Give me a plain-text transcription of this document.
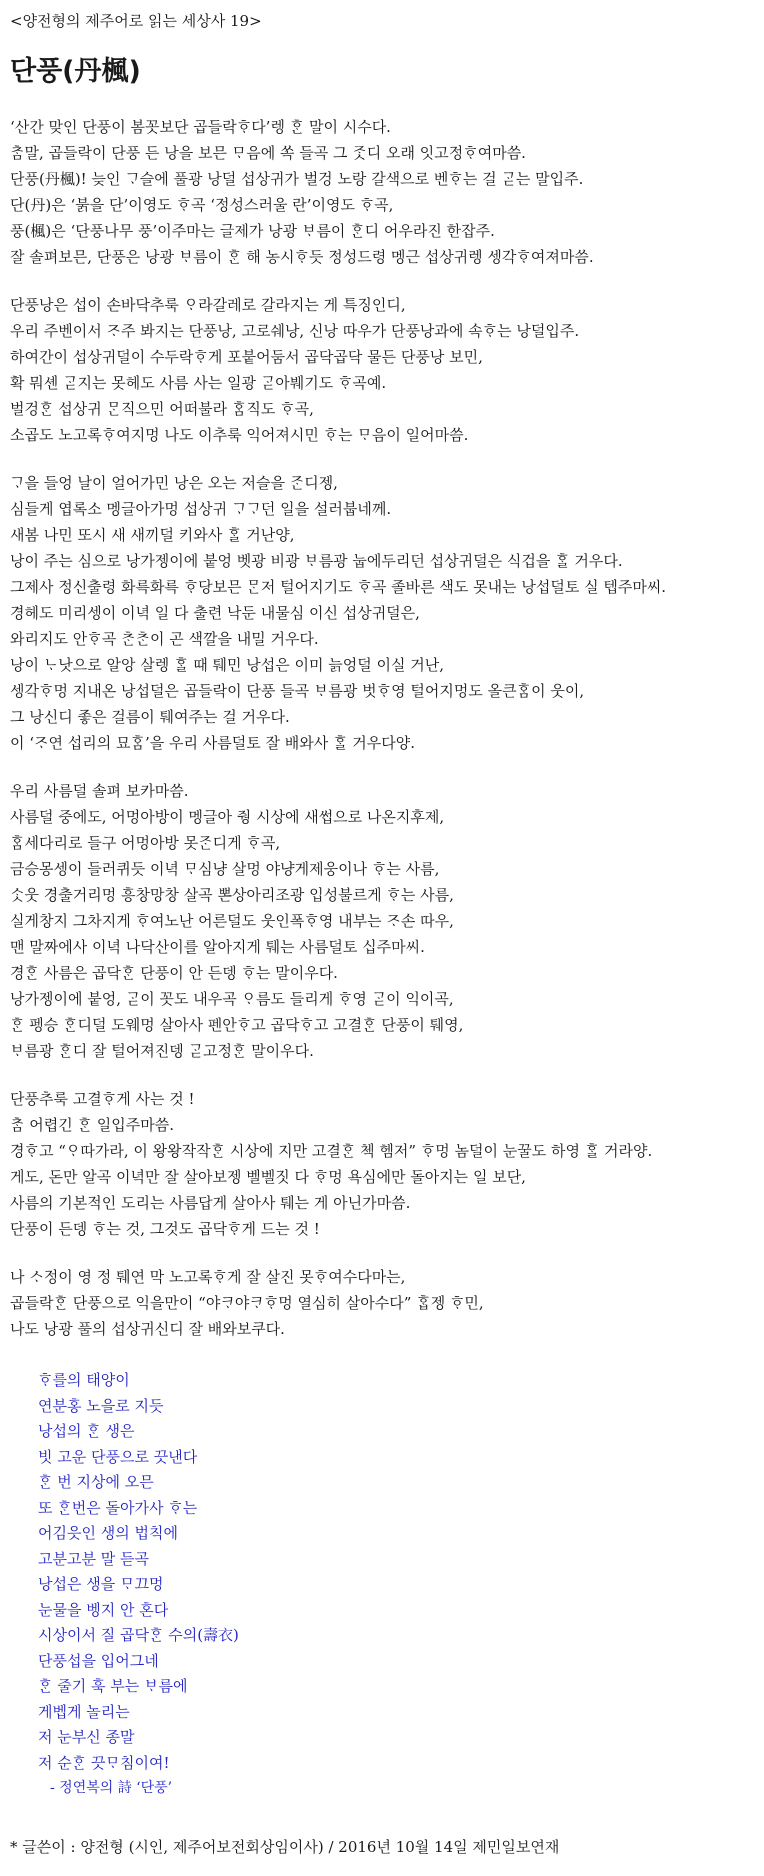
<양전형의 제주어로 읽는 세상사 19>

단풍(丹楓)
‘산간 맞인 단풍이 봄꼿보단 곱들락ᄒᆞ다’렝 ᄒᆞᆫ 말이 시수다.
ᄎᆞᆷ말, 곱들락이 단풍 든 낭을 보믄 ᄆᆞ음에 쏙 들곡 그 ᄌᆞᆺ디 오래 잇고정ᄒᆞ여마씀.
단풍(丹楓)! 늦인 ᄀᆞ슬에 풀광 낭덜 섭상귀가 벌겅 노랑 갈색으로 벤ᄒᆞ는 걸 ᄀᆞᆮ는 말입주.
단(丹)은 ‘붉을 단’이영도 ᄒᆞ곡 ‘정성스러울 란’이영도 ᄒᆞ곡,
풍(楓)은 ‘단풍나무 풍’이주마는 글제가 낭광 ᄇᆞ름이 ᄒᆞᆫ디 어우라진 한잡주.
잘 솔펴보믄, 단풍은 낭광 ᄇᆞ름이 ᄒᆞᆫ 해 농시ᄒᆞ듯 정성드령 멩근 섭상귀렝 셍각ᄒᆞ여져마씀.
단풍낭은 섭이 손바닥추룩 ᄋᆞ라갈레로 갈라지는 게 특징인디,
우리 주벤이서 ᄌᆞ주 봐지는 단풍낭, 고로쉐낭, 신낭 따우가 단풍낭과에 속ᄒᆞ는 낭덜입주.
하여간이 섭상귀덜이 수두락ᄒᆞ게 포붙어둠서 곱닥곱닥 물든 단풍낭 보민,
확 뭐셴 ᄀᆞᆮ지는 못헤도 사름 사는 일광 ᄀᆞᆮ아붸기도 ᄒᆞ곡예.
벌겅ᄒᆞᆫ 섭상귀 ᄆᆞᆫ직으민 어떠불라 ᄒᆞᆷ직도 ᄒᆞ곡,
소곱도 노고록ᄒᆞ여지멍 나도 이추룩 익어져시민 ᄒᆞ는 ᄆᆞ음이 일어마씀.
ᄀᆞ을 들엉 날이 얼어가민 낭은 오는 저슬을 ᄌᆞᆫ디젱,
심들게 엽록소 멩글아가멍 섭상귀 ᄀᆞᄀᆞ던 일을 설러붑네께.
새봄 나민 또시 새 새끼덜 키와사 ᄒᆞᆯ 거난양,
낭이 주는 심으로 낭가젱이에 붙엉 벳광 비광 ᄇᆞ름광 눕에두리던 섭상귀덜은 식겁을 ᄒᆞᆯ 거우다.
그제사 정신출령 화륵화륵 ᄒᆞ당보믄 ᄆᆞᆫ저 털어지기도 ᄒᆞ곡 졸바른 색도 못내는 낭섭덜토 실 텝주마씨.
경헤도 미리셍이 이녁 일 다 출련 낙둔 내물심 이신 섭상귀덜은,
와리지도 안ᄒᆞ곡 ᄎᆞᆫᄎᆞᆫ이 곤 색깔을 내밀 거우다.
낭이 ᄂᆞ낫으로 알앙 살렝 ᄒᆞᆯ 때 퉤민 낭섭은 이미 늙엉덜 이실 거난,
셍각ᄒᆞ멍 지내온 낭섭덜은 곱들락이 단풍 들곡 ᄇᆞ름광 벗ᄒᆞ영 털어지멍도 올큰ᄒᆞᆷ이 웃이,
그 낭신디 좋은 걸름이 퉤여주는 걸 거우다.
이 ‘ᄌᆞ연 섭리의 묘ᄒᆞᆷ’을 우리 사름덜토 잘 배와사 ᄒᆞᆯ 거우다양.
우리 사름덜 솔펴 보카마씀.
사름덜 중에도, 어멍아방이 멩글아 줭 시상에 새썹으로 나온지후제,
ᄒᆞᆷ세다리로 들구 어멍아방 못ᄌᆞᆫ디게 ᄒᆞ곡,
금승몽셍이 들러퀴듯 이녁 ᄆᆞ심냥 살멍 야냥게제웅이나 ᄒᆞ는 사름,
ᄉᆞᆺ웃 경출거리멍 흥창망창 살곡 뽄상아리조광 입성불르게 ᄒᆞ는 사름,
실게창지 그차지게 ᄒᆞ여노난 어른덜도 웃인폭ᄒᆞ영 내부는 ᄌᆞ손 따우,
맨 말짜에사 이녁 나닥산이를 알아지게 퉤는 사름덜토 십주마씨.
경ᄒᆞᆫ 사름은 곱닥ᄒᆞᆫ 단풍이 안 든뎅 ᄒᆞ는 말이우다.
낭가젱이에 붙엉, ᄀᆞᆮ이 꼿도 내우곡 ᄋᆞ름도 들리게 ᄒᆞ영 ᄀᆞᆮ이 익이곡,
ᄒᆞᆫ 펭승 ᄒᆞᆫ디덜 도웨멍 살아사 펜안ᄒᆞ고 곱닥ᄒᆞ고 고결ᄒᆞᆫ 단풍이 퉤영,
ᄇᆞ름광 ᄒᆞᆫ디 잘 털어져진뎅 ᄀᆞᆮ고정ᄒᆞᆫ 말이우다.
단풍추룩 고결ᄒᆞ게 사는 것 !
ᄎᆞᆷ 어렵긴 ᄒᆞᆫ 일입주마씀.
경ᄒᆞ고 “ᄋᆞ따가라, 이 왕왕작작ᄒᆞᆫ 시상에 지만 고결ᄒᆞᆫ 첵 헴저” ᄒᆞ멍 놈덜이 눈꿀도 하영 ᄒᆞᆯ 거라양.
게도, 돈만 알곡 이녁만 잘 살아보젱 벨벨짓 다 ᄒᆞ멍 욕심에만 돌아지는 일 보단,
사름의 기본적인 도리는 사름답게 살아사 퉤는 게 아닌가마씀.
단풍이 든뎅 ᄒᆞ는 것, 그것도 곱닥ᄒᆞ게 드는 것 !
나 ᄉᆞ정이 영 정 퉤연 막 노고록ᄒᆞ게 잘 살진 못ᄒᆞ여수다마는,
곱들락ᄒᆞᆫ 단풍으로 익을만이 “야ᄏᆞ야ᄏᆞᄒᆞ멍 열심히 살아수다” ᄒᆞᆸ젱 ᄒᆞ민,
나도 낭광 풀의 섭상귀신디 잘 배와보쿠다.
ᄒᆞ를의 태양이
연분홍 노을로 지듯
낭섭의 ᄒᆞᆫ 생은
빗 고운 단풍으로 끗낸다
ᄒᆞᆫ 번 지상에 오믄
또 ᄒᆞᆫ번은 돌아가사 ᄒᆞ는
어김읏인 생의 법칙에
고분고분 말 듣곡
낭섭은 생을 ᄆᆞ끄멍
눈물을 벵지 안 혼다
시상이서 질 곱닥ᄒᆞᆫ 수의(壽衣)
단풍섭을 입어그네
ᄒᆞᆫ 줄기 훅 부는 ᄇᆞ름에
게벱게 놀리는
저 눈부신 종말
저 순ᄒᆞᆫ 끗ᄆᆞ침이여!
- 정연복의 詩 ‘단풍’

* 글쓴이 : 양전형 (시인, 제주어보전회상임이사) / 2016년 10월 14일 제민일보연재
